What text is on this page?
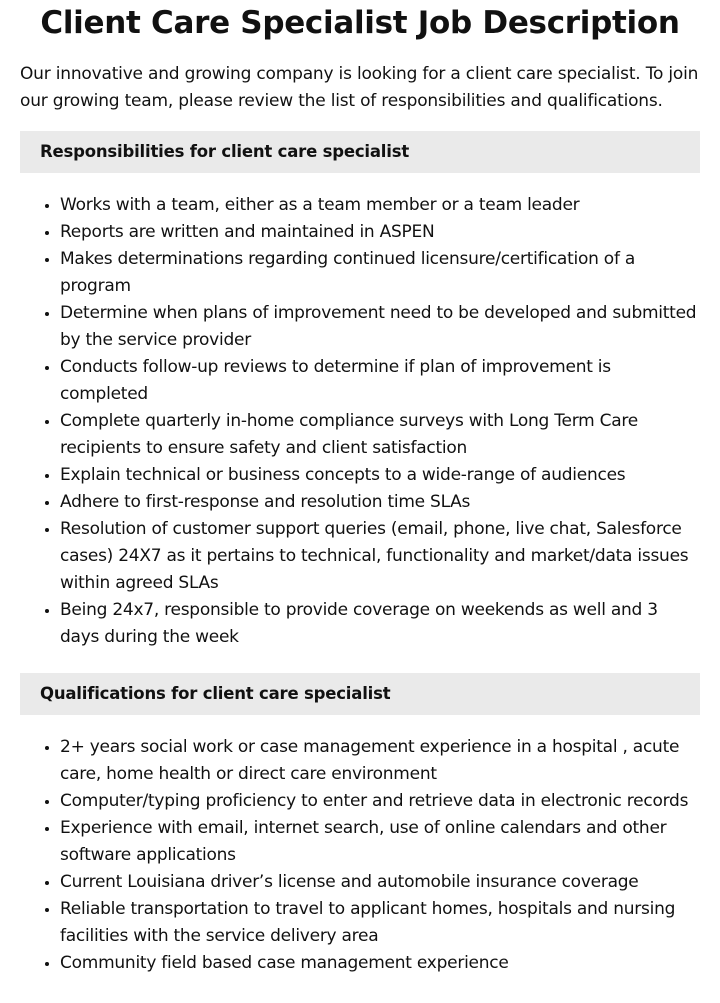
Client Care Specialist Job Description

Our innovative and growing company is looking for a client care specialist. To join our growing team, please review the list of responsibilities and qualifications.

Responsibilities for client care specialist
• Works with a team, either as a team member or a team leader
• Reports are written and maintained in ASPEN
• Makes determinations regarding continued licensure/certification of a program
• Determine when plans of improvement need to be developed and submitted by the service provider
• Conducts follow-up reviews to determine if plan of improvement is completed
• Complete quarterly in-home compliance surveys with Long Term Care recipients to ensure safety and client satisfaction
• Explain technical or business concepts to a wide-range of audiences
• Adhere to first-response and resolution time SLAs
• Resolution of customer support queries (email, phone, live chat, Salesforce cases) 24X7 as it pertains to technical, functionality and market/data issues within agreed SLAs
• Being 24x7, responsible to provide coverage on weekends as well and 3 days during the week
Qualifications for client care specialist
• 2+ years social work or case management experience in a hospital , acute care, home health or direct care environment
• Computer/typing proficiency to enter and retrieve data in electronic records
• Experience with email, internet search, use of online calendars and other software applications
• Current Louisiana driver’s license and automobile insurance coverage
• Reliable transportation to travel to applicant homes, hospitals and nursing facilities with the service delivery area
• Community field based case management experience
